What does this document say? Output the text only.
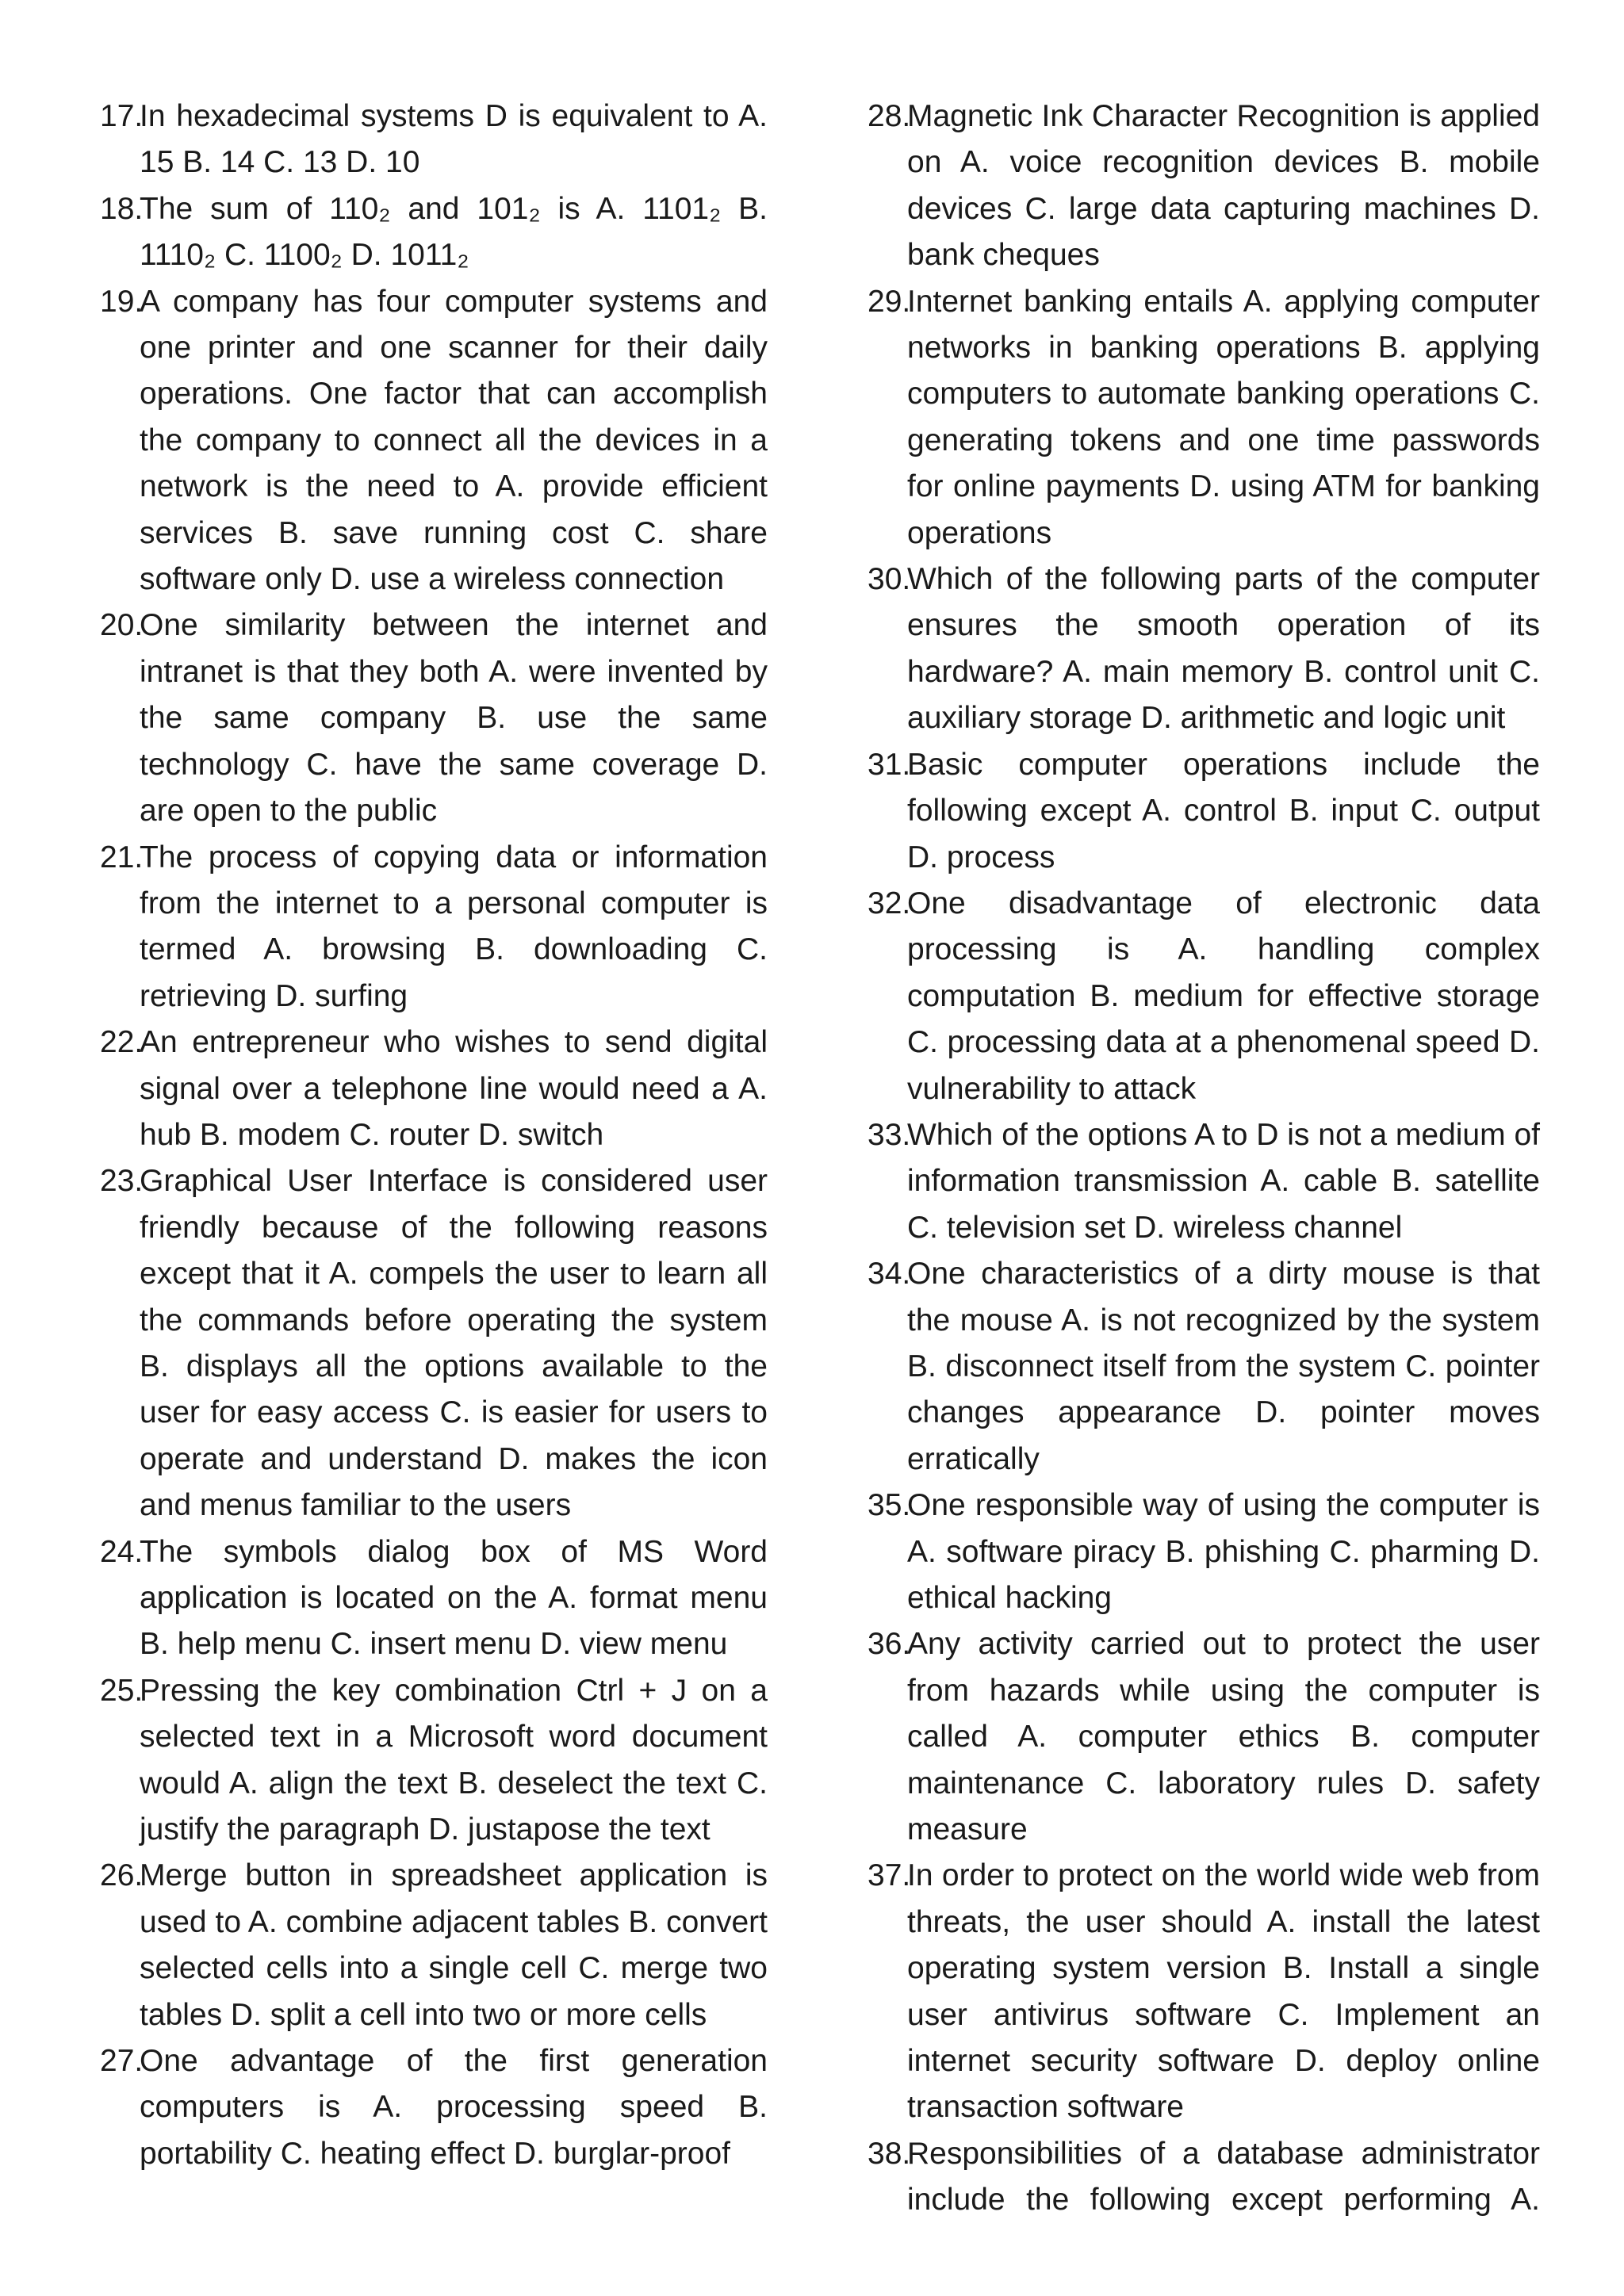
17.
In hexadecimal systems D is equivalent to A. 15 B. 14 C. 13 D. 10

18.
The sum of 110₂ and 101₂ is A. 1101₂ B. 1110₂ C. 1100₂ D. 1011₂

19.
A company has four computer systems and one printer and one scanner for their daily operations. One factor that can accomplish the company to connect all the devices in a network is the need to A. provide efficient services B. save running cost C. share software only D. use a wireless connection

20.
One similarity between the internet and intranet is that they both A. were invented by the same company B. use the same technology C. have the same coverage D. are open to the public

21.
The process of copying data or information from the internet to a personal computer is termed A. browsing B. downloading C. retrieving D. surfing

22.
An entrepreneur who wishes to send digital signal over a telephone line would need a A. hub B. modem C. router D. switch

23.
Graphical User Interface is considered user friendly because of the following reasons except that it A. compels the user to learn all the commands before operating the system B. displays all the options available to the user for easy access C. is easier for users to operate and understand D. makes the icon and menus familiar to the users

24.
The symbols dialog box of MS Word application is located on the A. format menu B. help menu C. insert menu D. view menu

25.
Pressing the key combination Ctrl + J on a selected text in a Microsoft word document would A. align the text B. deselect the text C. justify the paragraph D. justapose the text

26.
Merge button in spreadsheet application is used to A. combine adjacent tables B. convert selected cells into a single cell C. merge two tables D. split a cell into two or more cells

27.
One advantage of the first generation computers is A. processing speed B. portability C. heating effect D. burglar-proof

28.
Magnetic Ink Character Recognition is applied on A. voice recognition devices B. mobile devices C. large data capturing machines D. bank cheques

29.
Internet banking entails A. applying computer networks in banking operations B. applying computers to automate banking operations C. generating tokens and one time passwords for online payments D. using ATM for banking operations

30.
Which of the following parts of the computer ensures the smooth operation of its hardware? A. main memory B. control unit C. auxiliary storage D. arithmetic and logic unit

31.
Basic computer operations include the following except A. control B. input C. output D. process

32.
One disadvantage of electronic data processing is A. handling complex computation B. medium for effective storage C. processing data at a phenomenal speed D. vulnerability to attack

33.
Which of the options A to D is not a medium of information transmission A. cable B. satellite C. television set D. wireless channel

34.
One characteristics of a dirty mouse is that the mouse A. is not recognized by the system B. disconnect itself from the system C. pointer changes appearance D. pointer moves erratically

35.
One responsible way of using the computer is A. software piracy B. phishing C. pharming D. ethical hacking

36.
Any activity carried out to protect the user from hazards while using the computer is called A. computer ethics B. computer maintenance C. laboratory rules D. safety measure

37.
In order to protect on the world wide web from threats, the user should A. install the latest operating system version B. Install a single user antivirus software C. Implement an internet security software D. deploy online transaction software

38.
Responsibilities of a database administrator include the following except performing A.
